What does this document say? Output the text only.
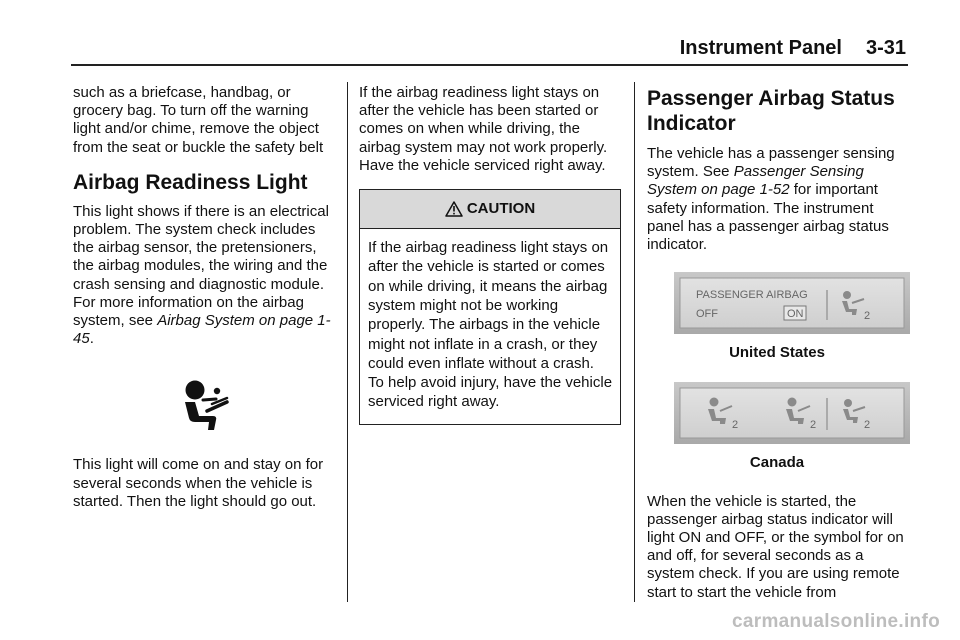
Instrument Panel 3-31

such as a briefcase, handbag, or grocery bag. To turn off the warning light and/or chime, remove the object from the seat or buckle the safety belt

Airbag Readiness Light

This light shows if there is an electrical problem. The system check includes the airbag sensor, the pretensioners, the airbag modules, the wiring and the crash sensing and diagnostic module. For more information on the airbag system, see Airbag System on page 1-45.

This light will come on and stay on for several seconds when the vehicle is started. Then the light should go out.

If the airbag readiness light stays on after the vehicle has been started or comes on when while driving, the airbag system may not work properly. Have the vehicle serviced right away.

CAUTION
If the airbag readiness light stays on after the vehicle is started or comes on while driving, it means the airbag system might not be working properly. The airbags in the vehicle might not inflate in a crash, or they could even inflate without a crash. To help avoid injury, have the vehicle serviced right away.
Passenger Airbag Status Indicator

The vehicle has a passenger sensing system. See Passenger Sensing System on page 1-52 for important safety information. The instrument panel has a passenger airbag status indicator.

PASSENGER AIRBAG
OFF	ON	2
United States
2	2	2
Canada

When the vehicle is started, the passenger airbag status indicator will light ON and OFF, or the symbol for on and off, for several seconds as a system check. If you are using remote start to start the vehicle from

carmanualsonline.info
